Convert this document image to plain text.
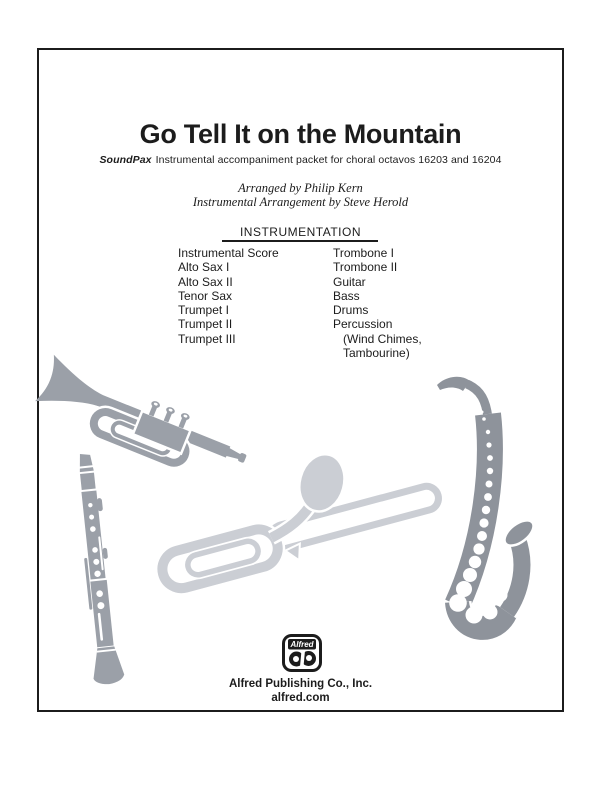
Go Tell It on the Mountain
SoundPax Instrumental accompaniment packet for choral octavos 16203 and 16204
Arranged by Philip Kern
Instrumental Arrangement by Steve Herold
INSTRUMENTATION
Instrumental Score
Alto Sax I
Alto Sax II
Tenor Sax
Trumpet I
Trumpet II
Trumpet III
Trombone I
Trombone II
Guitar
Bass
Drums
Percussion
(Wind Chimes,
Tambourine)
Alfred
Alfred Publishing Co., Inc.
alfred.com
